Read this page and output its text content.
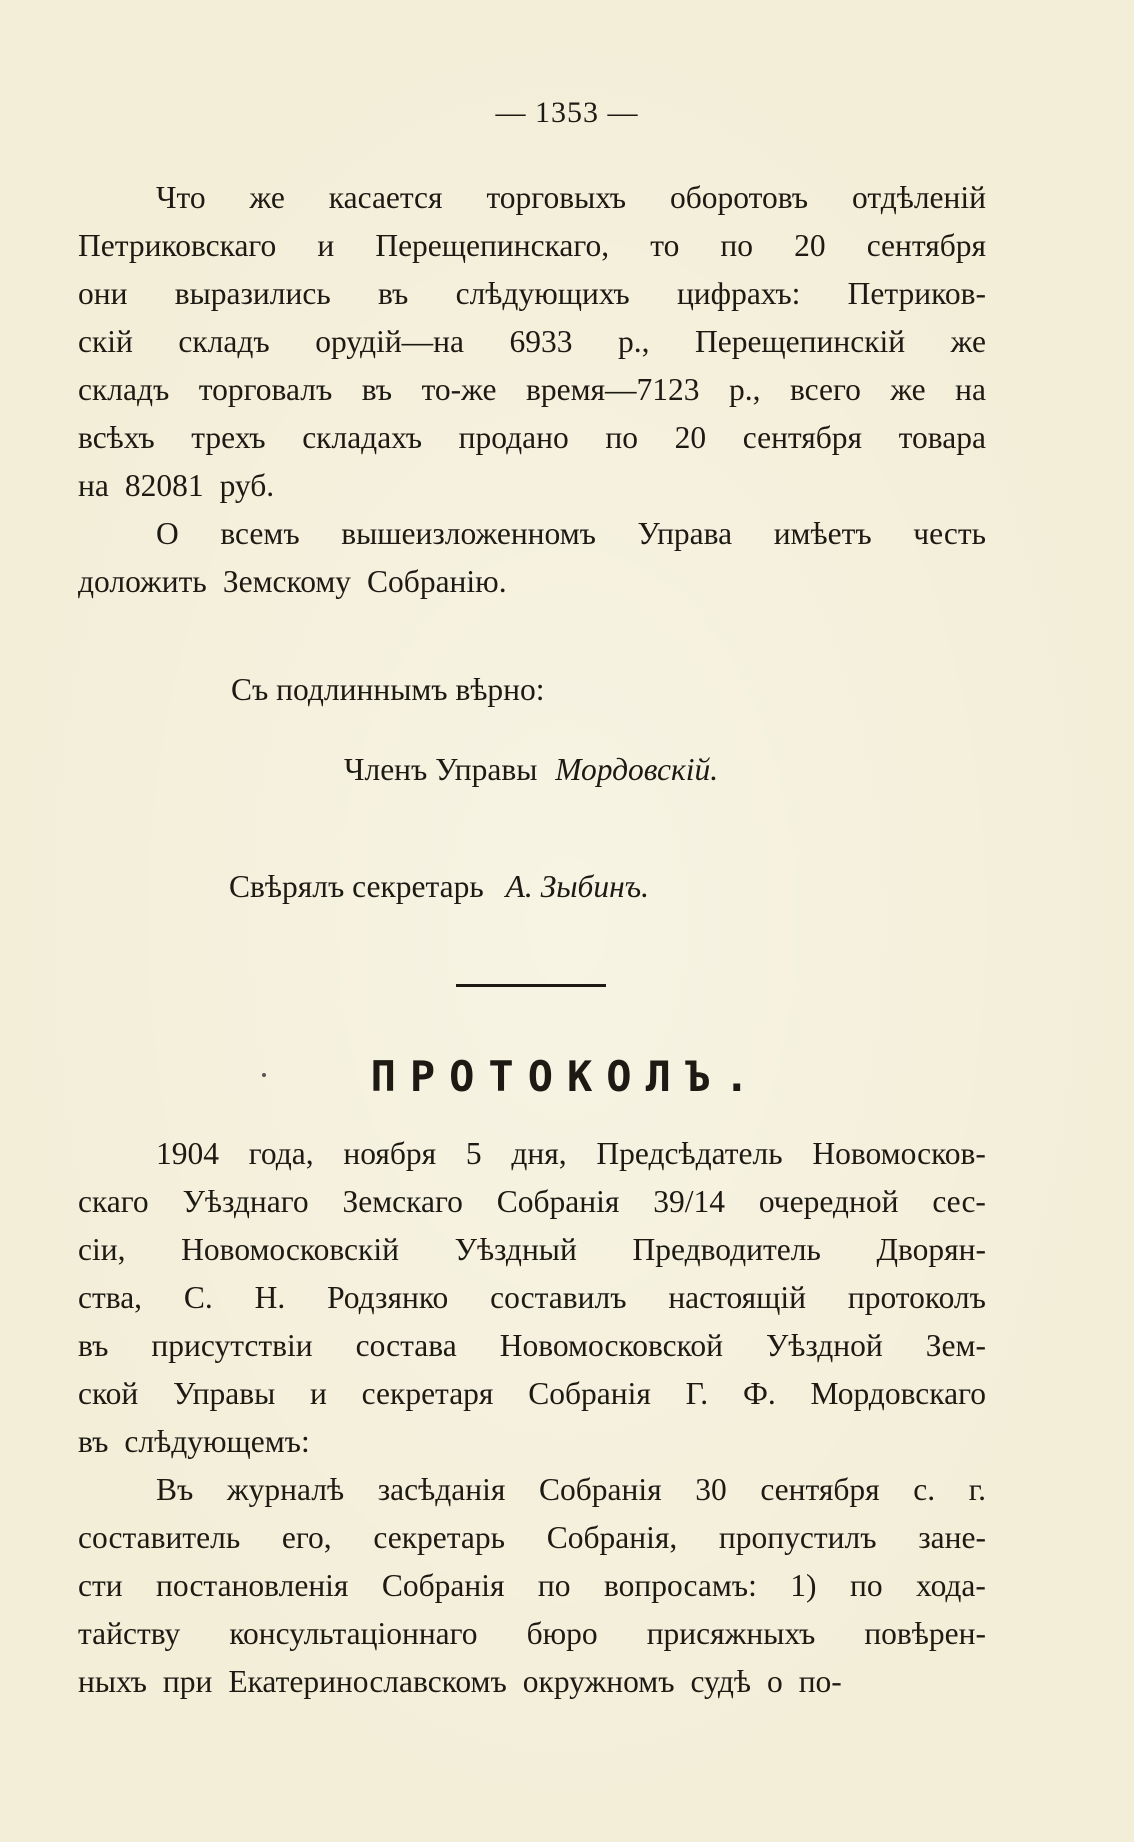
— 1353 —
Что же касается торговыхъ оборотовъ отдѣленій
Петриковскаго и Перещепинскаго, то по 20 сентября
они выразились въ слѣдующихъ цифрахъ: Петриков-
скій складъ орудій—на 6933 р., Перещепинскій же
складъ торговалъ въ то-же время—7123 р., всего же на
всѣхъ трехъ складахъ продано по 20 сентября товара
на 82081 руб.
О всемъ вышеизложенномъ Управа имѣетъ честь
доложить Земскому Собранію.
Съ подлиннымъ вѣрно:
Членъ Управы Мордовскій.
Свѣрялъ секретарь А. Зыбинъ.
ПРОТОКОЛЪ.
1904 года, ноября 5 дня, Предсѣдатель Новомосков-
скаго Уѣзднаго Земскаго Собранія 39/14 очередной сес-
сіи, Новомосковскій Уѣздный Предводитель Дворян-
ства, С. Н. Родзянко составилъ настоящій протоколъ
въ присутствіи состава Новомосковской Уѣздной Зем-
ской Управы и секретаря Собранія Г. Ф. Мордовскаго
въ слѣдующемъ:
Въ журналѣ засѣданія Собранія 30 сентября с. г.
составитель его, секретарь Собранія, пропустилъ зане-
сти постановленія Собранія по вопросамъ: 1) по хода-
тайству консультаціоннаго бюро присяжныхъ повѣрен-
ныхъ при Екатеринославскомъ окружномъ судѣ о по-
